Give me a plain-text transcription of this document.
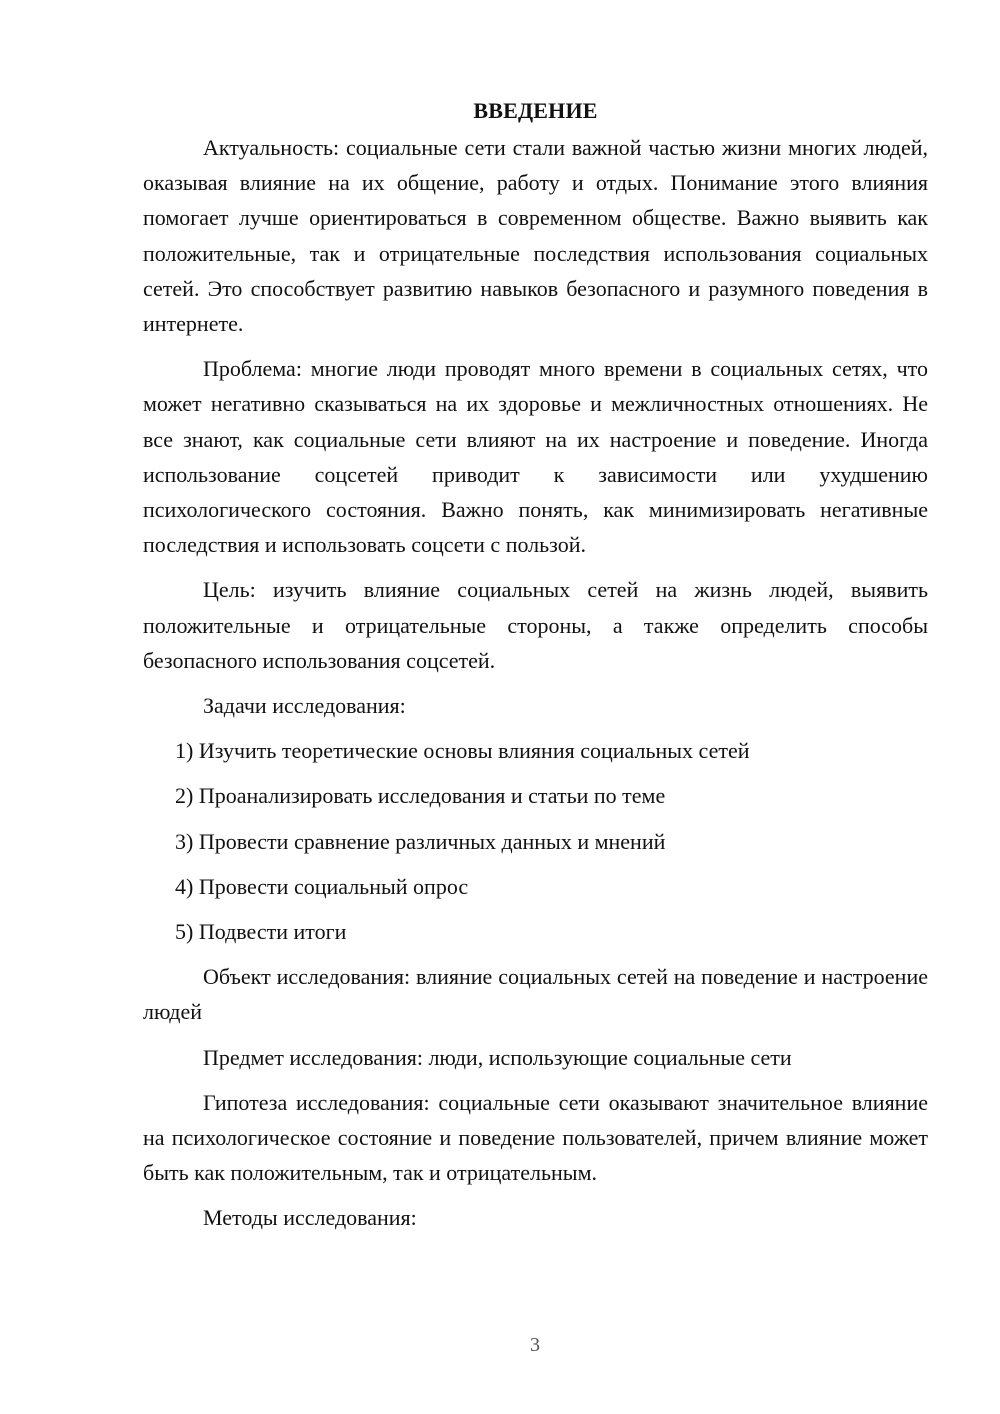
ВВЕДЕНИЕ

Актуальность: социальные сети стали важной частью жизни многих людей, оказывая влияние на их общение, работу и отдых. Понимание этого влияния помогает лучше ориентироваться в современном обществе. Важно выявить как положительные, так и отрицательные последствия использования социальных сетей. Это способствует развитию навыков безопасного и разумного поведения в интернете.

Проблема: многие люди проводят много времени в социальных сетях, что может негативно сказываться на их здоровье и межличностных отношениях. Не все знают, как социальные сети влияют на их настроение и поведение. Иногда использование соцсетей приводит к зависимости или ухудшению психологического состояния. Важно понять, как минимизировать негативные последствия и использовать соцсети с пользой.

Цель: изучить влияние социальных сетей на жизнь людей, выявить положительные и отрицательные стороны, а также определить способы безопасного использования соцсетей.

Задачи исследования:

1) Изучить теоретические основы влияния социальных сетей
2) Проанализировать исследования и статьи по теме
3) Провести сравнение различных данных и мнений
4) Провести социальный опрос
5) Подвести итоги

Объект исследования: влияние социальных сетей на поведение и настроение людей

Предмет исследования: люди, использующие социальные сети

Гипотеза исследования: социальные сети оказывают значительное влияние на психологическое состояние и поведение пользователей, причем влияние может быть как положительным, так и отрицательным.

Методы исследования:

3
